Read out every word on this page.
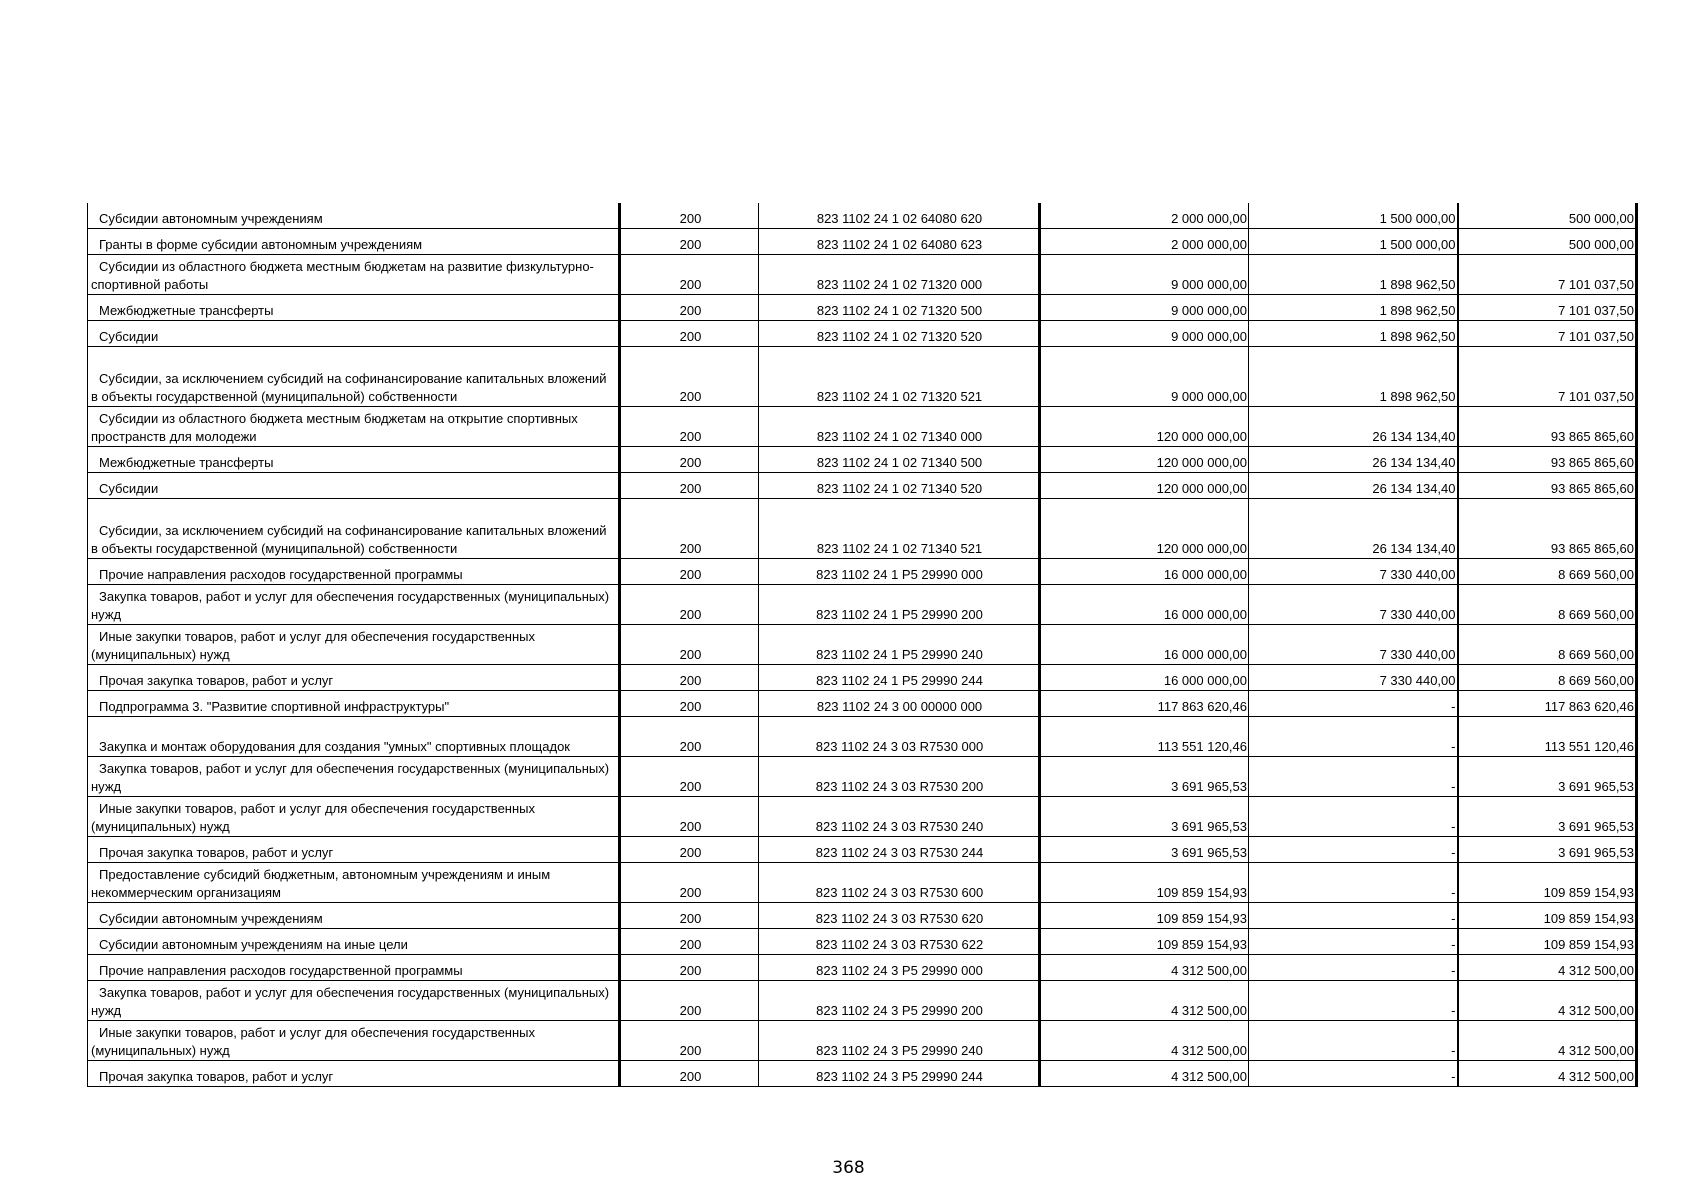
Субсидии автономным учреждениям	200	823 1102 24 1 02 64080 620	2 000 000,00	1 500 000,00	500 000,00

Гранты в форме субсидии автономным учреждениям	200	823 1102 24 1 02 64080 623	2 000 000,00	1 500 000,00	500 000,00

Субсидии из областного бюджета местным бюджетам на развитие физкультурно-спортивной работы	200	823 1102 24 1 02 71320 000	9 000 000,00	1 898 962,50	7 101 037,50

Межбюджетные трансферты	200	823 1102 24 1 02 71320 500	9 000 000,00	1 898 962,50	7 101 037,50

Субсидии	200	823 1102 24 1 02 71320 520	9 000 000,00	1 898 962,50	7 101 037,50

Субсидии, за исключением субсидий на софинансирование капитальных вложений в объекты государственной (муниципальной) собственности	200	823 1102 24 1 02 71320 521	9 000 000,00	1 898 962,50	7 101 037,50

Субсидии из областного бюджета местным бюджетам на открытие спортивных пространств для молодежи	200	823 1102 24 1 02 71340 000	120 000 000,00	26 134 134,40	93 865 865,60

Межбюджетные трансферты	200	823 1102 24 1 02 71340 500	120 000 000,00	26 134 134,40	93 865 865,60

Субсидии	200	823 1102 24 1 02 71340 520	120 000 000,00	26 134 134,40	93 865 865,60

Субсидии, за исключением субсидий на софинансирование капитальных вложений в объекты государственной (муниципальной) собственности	200	823 1102 24 1 02 71340 521	120 000 000,00	26 134 134,40	93 865 865,60

Прочие направления расходов государственной программы	200	823 1102 24 1 P5 29990 000	16 000 000,00	7 330 440,00	8 669 560,00

Закупка товаров, работ и услуг для обеспечения государственных (муниципальных) нужд	200	823 1102 24 1 P5 29990 200	16 000 000,00	7 330 440,00	8 669 560,00

Иные закупки товаров, работ и услуг для обеспечения государственных (муниципальных) нужд	200	823 1102 24 1 P5 29990 240	16 000 000,00	7 330 440,00	8 669 560,00

Прочая закупка товаров, работ и услуг	200	823 1102 24 1 P5 29990 244	16 000 000,00	7 330 440,00	8 669 560,00

Подпрограмма 3. "Развитие спортивной инфраструктуры"	200	823 1102 24 3 00 00000 000	117 863 620,46	-	117 863 620,46

Закупка и монтаж оборудования для создания "умных" спортивных площадок	200	823 1102 24 3 03 R7530 000	113 551 120,46	-	113 551 120,46

Закупка товаров, работ и услуг для обеспечения государственных (муниципальных) нужд	200	823 1102 24 3 03 R7530 200	3 691 965,53	-	3 691 965,53

Иные закупки товаров, работ и услуг для обеспечения государственных (муниципальных) нужд	200	823 1102 24 3 03 R7530 240	3 691 965,53	-	3 691 965,53

Прочая закупка товаров, работ и услуг	200	823 1102 24 3 03 R7530 244	3 691 965,53	-	3 691 965,53

Предоставление субсидий бюджетным, автономным учреждениям и иным некоммерческим организациям	200	823 1102 24 3 03 R7530 600	109 859 154,93	-	109 859 154,93

Субсидии автономным учреждениям	200	823 1102 24 3 03 R7530 620	109 859 154,93	-	109 859 154,93

Субсидии автономным учреждениям на иные цели	200	823 1102 24 3 03 R7530 622	109 859 154,93	-	109 859 154,93

Прочие направления расходов государственной программы	200	823 1102 24 3 P5 29990 000	4 312 500,00	-	4 312 500,00

Закупка товаров, работ и услуг для обеспечения государственных (муниципальных) нужд	200	823 1102 24 3 P5 29990 200	4 312 500,00	-	4 312 500,00

Иные закупки товаров, работ и услуг для обеспечения государственных (муниципальных) нужд	200	823 1102 24 3 P5 29990 240	4 312 500,00	-	4 312 500,00

Прочая закупка товаров, работ и услуг	200	823 1102 24 3 P5 29990 244	4 312 500,00	-	4 312 500,00
368
